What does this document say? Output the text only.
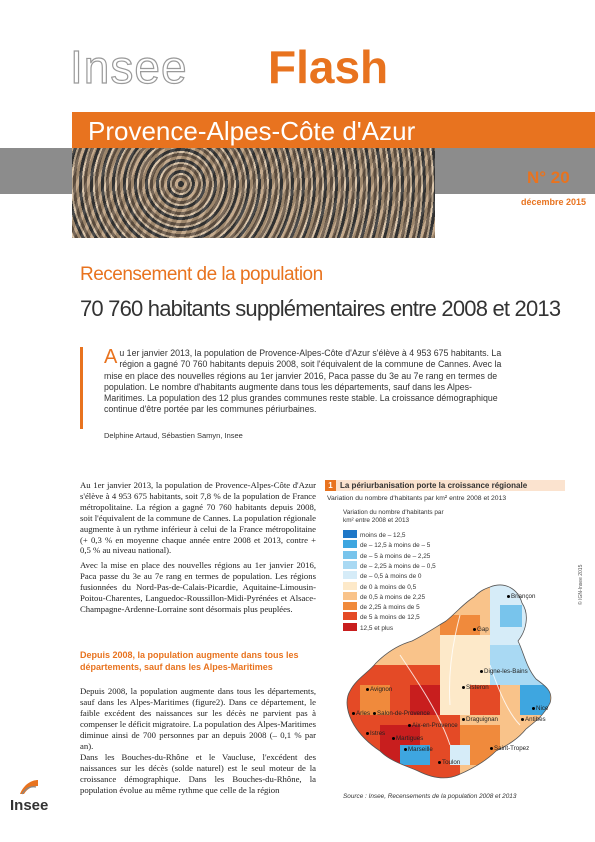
Insee Flash
Provence-Alpes-Côte d'Azur
N° 20
décembre 2015
Recensement de la population
70 760 habitants supplémentaires entre 2008 et 2013
A u 1er janvier 2013, la population de Provence-Alpes-Côte d'Azur s'élève à 4 953 675 habitants. La région a gagné 70 760 habitants depuis 2008, soit l'équivalent de la commune de Cannes. Avec la mise en place des nouvelles régions au 1er janvier 2016, Paca passe du 3e au 7e rang en termes de population. Le nombre d'habitants augmente dans tous les départements, sauf dans les Alpes-Maritimes. La population des 12 plus grandes communes reste stable. La croissance démographique continue d'être portée par les communes périurbaines.
Delphine Artaud, Sébastien Samyn, Insee
Au 1er janvier 2013, la population de Provence-Alpes-Côte d'Azur s'élève à 4 953 675 habitants, soit 7,8 % de la population de France métropolitaine. La région a gagné 70 760 habitants depuis 2008, soit l'équivalent de la commune de Cannes. La population régionale augmente à un rythme inférieur à celui de la France métropolitaine (+ 0,3 % en moyenne chaque année entre 2008 et 2013, contre + 0,5 % au niveau national).
Avec la mise en place des nouvelles régions au 1er janvier 2016, Paca passe du 3e au 7e rang en termes de population. Les régions fusionnées du Nord-Pas-de-Calais-Picardie, Aquitaine-Limousin-Poitou-Charentes, Languedoc-Roussillon-Midi-Pyrénées et Alsace-Champagne-Ardenne-Lorraine sont désormais plus peuplées.
Depuis 2008, la population augmente dans tous les départements, sauf dans les Alpes-Maritimes
Depuis 2008, la population augmente dans tous les départements, sauf dans les Alpes-Maritimes (figure2). Dans ce département, le faible excédent des naissances sur les décès ne parvient pas à compenser le déficit migratoire. La population des Alpes-Maritimes diminue ainsi de 700 personnes par an depuis 2008 (– 0,1 % par an).
Dans les Bouches-du-Rhône et le Vaucluse, l'excédent des naissances sur les décès (solde naturel) est le seul moteur de la croissance démographique. Dans les Bouches-du-Rhône, la population évolue au même rythme que celle de la région
1 La périurbanisation porte la croissance régionale
Variation du nombre d'habitants par km² entre 2008 et 2013
Variation du nombre d'habitants par km² entre 2008 et 2013
moins de – 12,5
de – 12,5 à moins de – 5
de – 5 à moins de – 2,25
de – 2,25 à moins de – 0,5
de – 0,5 à moins de 0
de 0 à moins de 0,5
de 0,5 à moins de 2,25
de 2,25 à moins de 5
de 5 à moins de 12,5
12,5 et plus
Briançon
Gap
Digne-les-Bains
Sisteron
Avignon
Arles Salon-de-Provence
Aix-en-Provence
Draguignan
Istres
Martigues
Marseille
Toulon
Saint-Tropez
Nice
Antibes
Source : Insee, Recensements de la population 2008 et 2013
© IGN-Insee 2015
Insee
